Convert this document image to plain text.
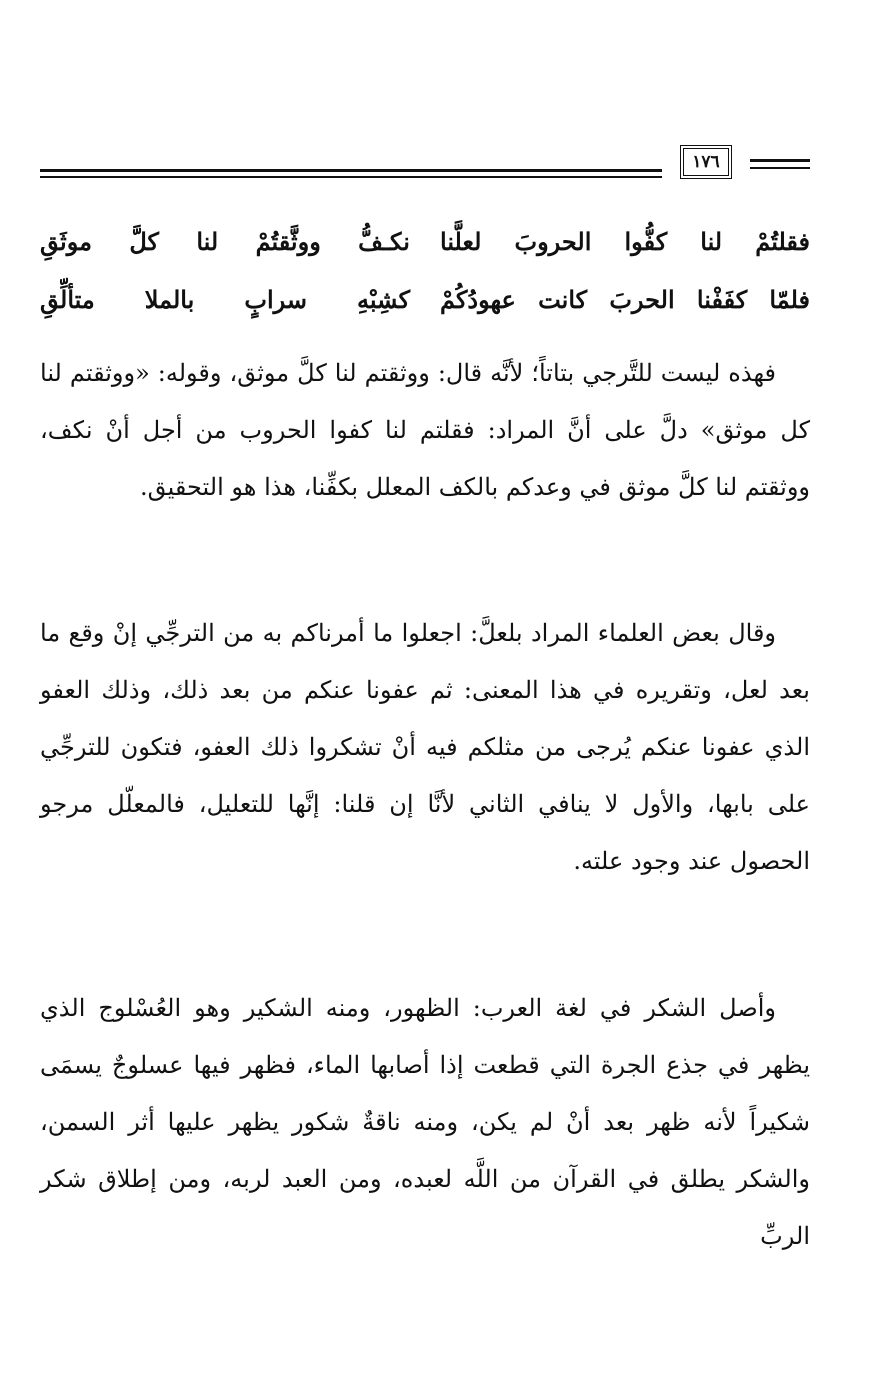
١٧٦
فقلتُمْ لنا كفُّوا الحروبَ لعلَّنا
نكـفُّ ووثَّقتُمْ لنا كلَّ موثَقِ
فلمّا كفَفْنا الحربَ كانت عهودُكُمْ
كشِبْهِ سرابٍ بالملا متألِّقِ

فهذه ليست للتَّرجي بتاتاً؛ لأنَّه قال: ووثقتم لنا كلَّ موثق، وقوله: «ووثقتم لنا كل موثق» دلَّ على أنَّ المراد: فقلتم لنا كفوا الحروب من أجل أنْ نكف، ووثقتم لنا كلَّ موثق في وعدكم بالكف المعلل بكفِّنا، هذا هو التحقيق.

وقال بعض العلماء المراد بلعلَّ: اجعلوا ما أمرناكم به من الترجِّي إنْ وقع ما بعد لعل، وتقريره في هذا المعنى: ثم عفونا عنكم من بعد ذلك، وذلك العفو الذي عفونا عنكم يُرجى من مثلكم فيه أنْ تشكروا ذلك العفو، فتكون للترجِّي على بابها، والأول لا ينافي الثاني لأنَّا إن قلنا: إنَّها للتعليل، فالمعلّل مرجو الحصول عند وجود علته.

وأصل الشكر في لغة العرب: الظهور، ومنه الشكير وهو العُسْلوج الذي يظهر في جذع الجرة التي قطعت إذا أصابها الماء، فظهر فيها عسلوجٌ يسمَى شكيراً لأنه ظهر بعد أنْ لم يكن، ومنه ناقةٌ شكور يظهر عليها أثر السمن، والشكر يطلق في القرآن من اللَّه لعبده، ومن العبد لربه، ومن إطلاق شكر الربِّ
